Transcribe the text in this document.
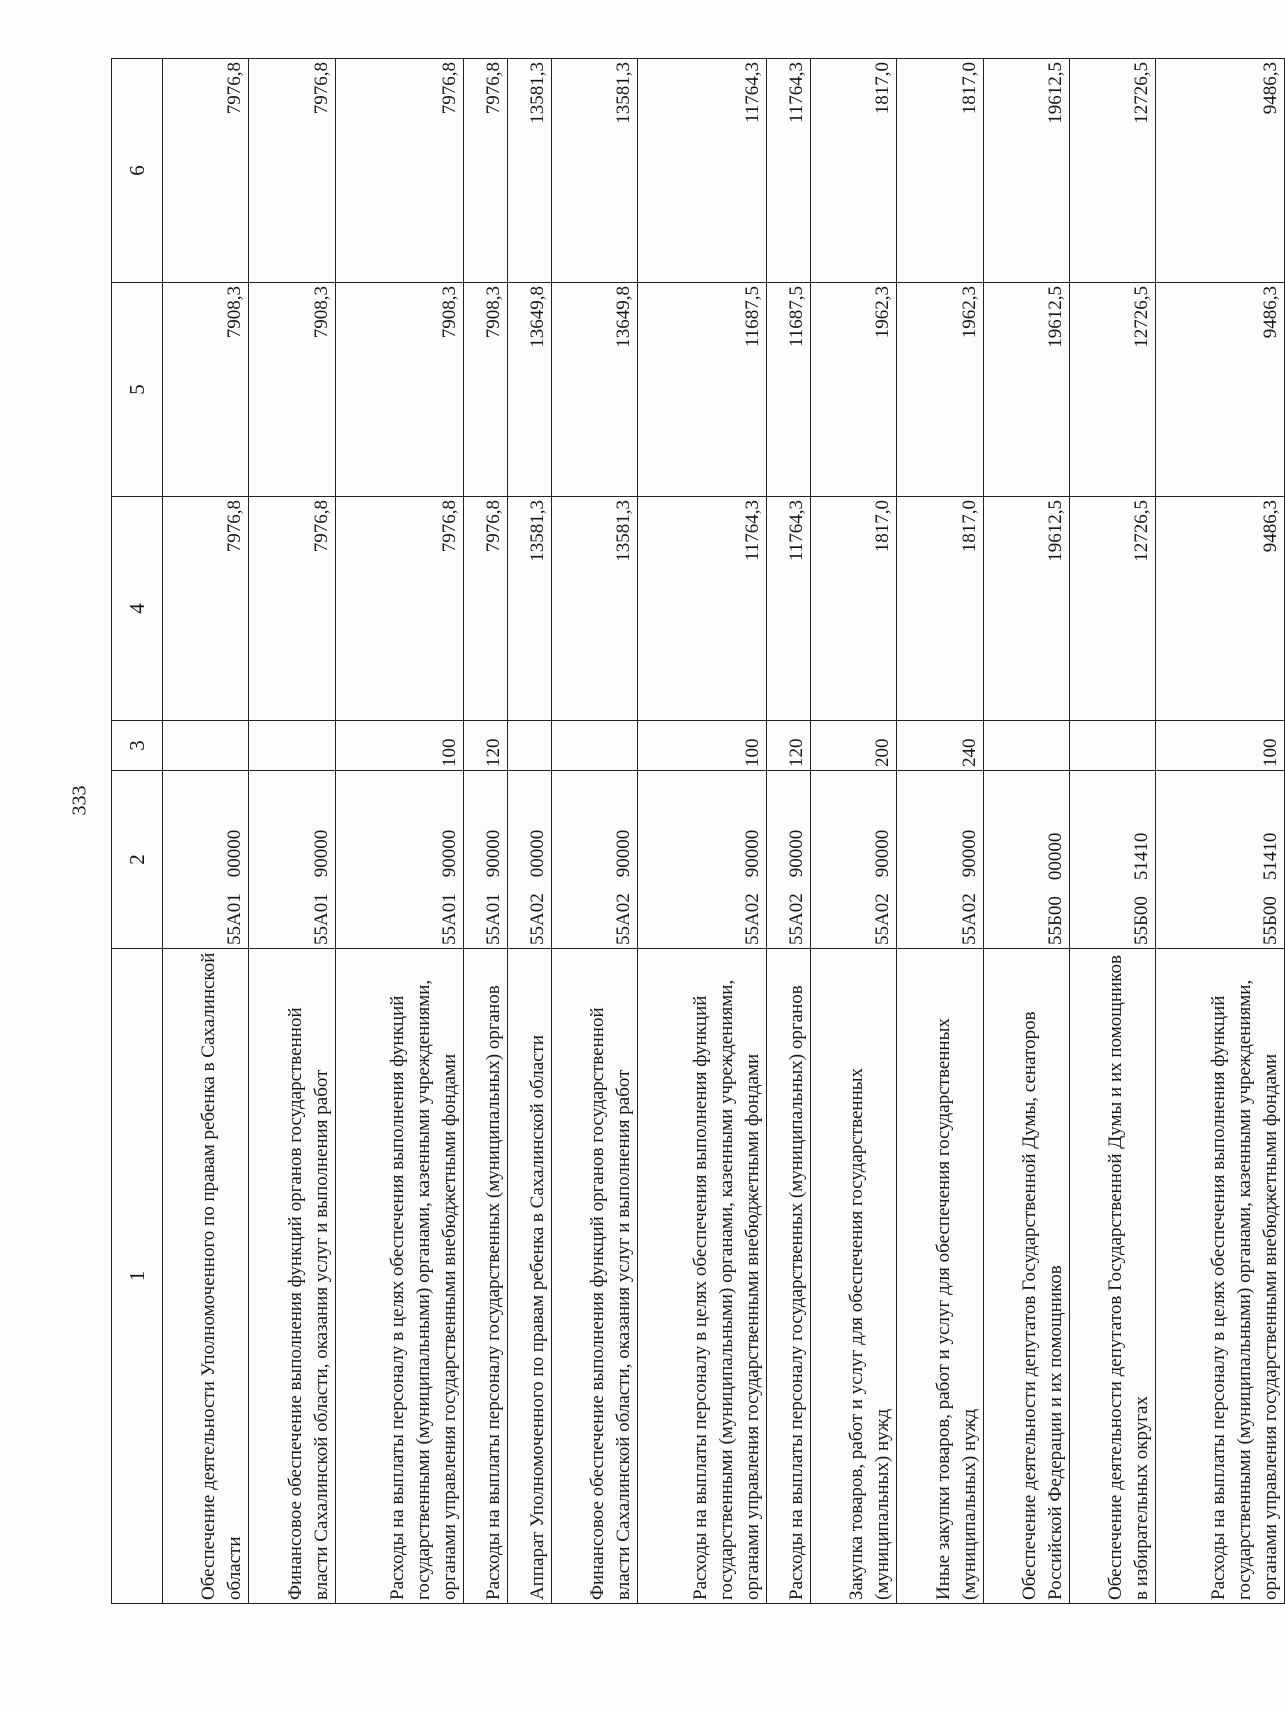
333
1	2	3	4	5	6
Обеспечение деятельности Уполномоченного по правам ребенка в Сахалинской области	55А0100000		7976,8	7908,3	7976,8
Финансовое обеспечение выполнения функций органов государственной власти Сахалинской области, оказания услуг и выполнения работ	55А0190000		7976,8	7908,3	7976,8
Расходы на выплаты персоналу в целях обеспечения выполнения функций государственными (муниципальными) органами, казенными учреждениями, органами управления государственными внебюджетными фондами	55А0190000	100	7976,8	7908,3	7976,8
Расходы на выплаты персоналу государственных (муниципальных) органов	55А0190000	120	7976,8	7908,3	7976,8
Аппарат Уполномоченного по правам ребенка в Сахалинской области	55А0200000		13581,3	13649,8	13581,3
Финансовое обеспечение выполнения функций органов государственной власти Сахалинской области, оказания услуг и выполнения работ	55А0290000		13581,3	13649,8	13581,3
Расходы на выплаты персоналу в целях обеспечения выполнения функций государственными (муниципальными) органами, казенными учреждениями, органами управления государственными внебюджетными фондами	55А0290000	100	11764,3	11687,5	11764,3
Расходы на выплаты персоналу государственных (муниципальных) органов	55А0290000	120	11764,3	11687,5	11764,3
Закупка товаров, работ и услуг для обеспечения государственных (муниципальных) нужд	55А0290000	200	1817,0	1962,3	1817,0
Иные закупки товаров, работ и услуг для обеспечения государственных (муниципальных) нужд	55А0290000	240	1817,0	1962,3	1817,0
Обеспечение деятельности депутатов Государственной Думы, сенаторов Российской Федерации и их помощников	55Б0000000		19612,5	19612,5	19612,5
Обеспечение деятельности депутатов Государственной Думы и их помощников в избирательных округах	55Б0051410		12726,5	12726,5	12726,5
Расходы на выплаты персоналу в целях обеспечения выполнения функций государственными (муниципальными) органами, казенными учреждениями, органами управления государственными внебюджетными фондами	55Б0051410	100	9486,3	9486,3	9486,3
